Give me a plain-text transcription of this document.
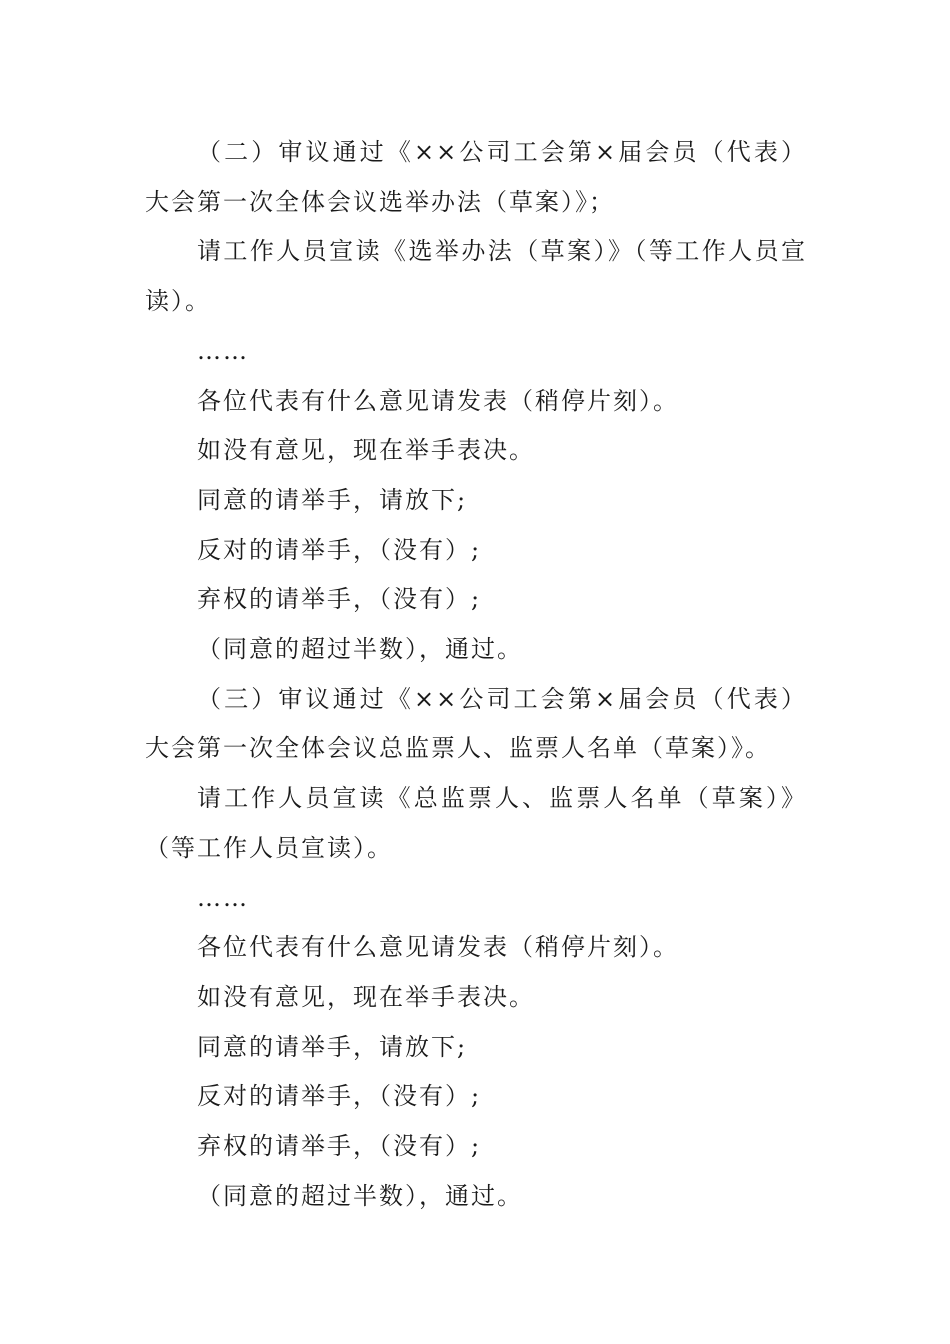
（二）审议通过《××公司工会第×届会员（代表）大会第一次全体会议选举办法（草案）》；

请工作人员宣读《选举办法（草案）》（等工作人员宣读）。

……

各位代表有什么意见请发表（稍停片刻）。

如没有意见，现在举手表决。

同意的请举手，请放下;

反对的请举手，（没有）;

弃权的请举手，（没有）;

（同意的超过半数），通过。

（三）审议通过《××公司工会第×届会员（代表）大会第一次全体会议总监票人、监票人名单（草案）》。

请工作人员宣读《总监票人、监票人名单（草案）》（等工作人员宣读）。

……

各位代表有什么意见请发表（稍停片刻）。

如没有意见，现在举手表决。

同意的请举手，请放下;

反对的请举手，（没有）;

弃权的请举手，（没有）;

（同意的超过半数），通过。
